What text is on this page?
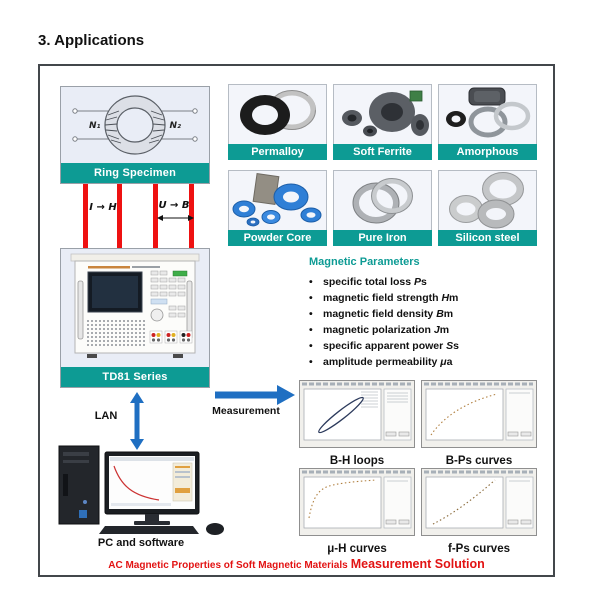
3. Applications
N₁	N₂
Ring Specimen
I → H	U → B
TD81 Series
LAN
PC and software
Measurement
Permalloy	Soft Ferrite	Amorphous
Powder Core	Pure Iron	Silicon steel
Magnetic Parameters
• specific total loss Ps
• magnetic field strength Hm
• magnetic field density Bm
• magnetic polarization Jm
• specific apparent power Ss
• amplitude permeability μa
B-H loops	B-Ps curves
μ-H curves	f-Ps curves
AC Magnetic Properties of Soft Magnetic Materials Measurement Solution
